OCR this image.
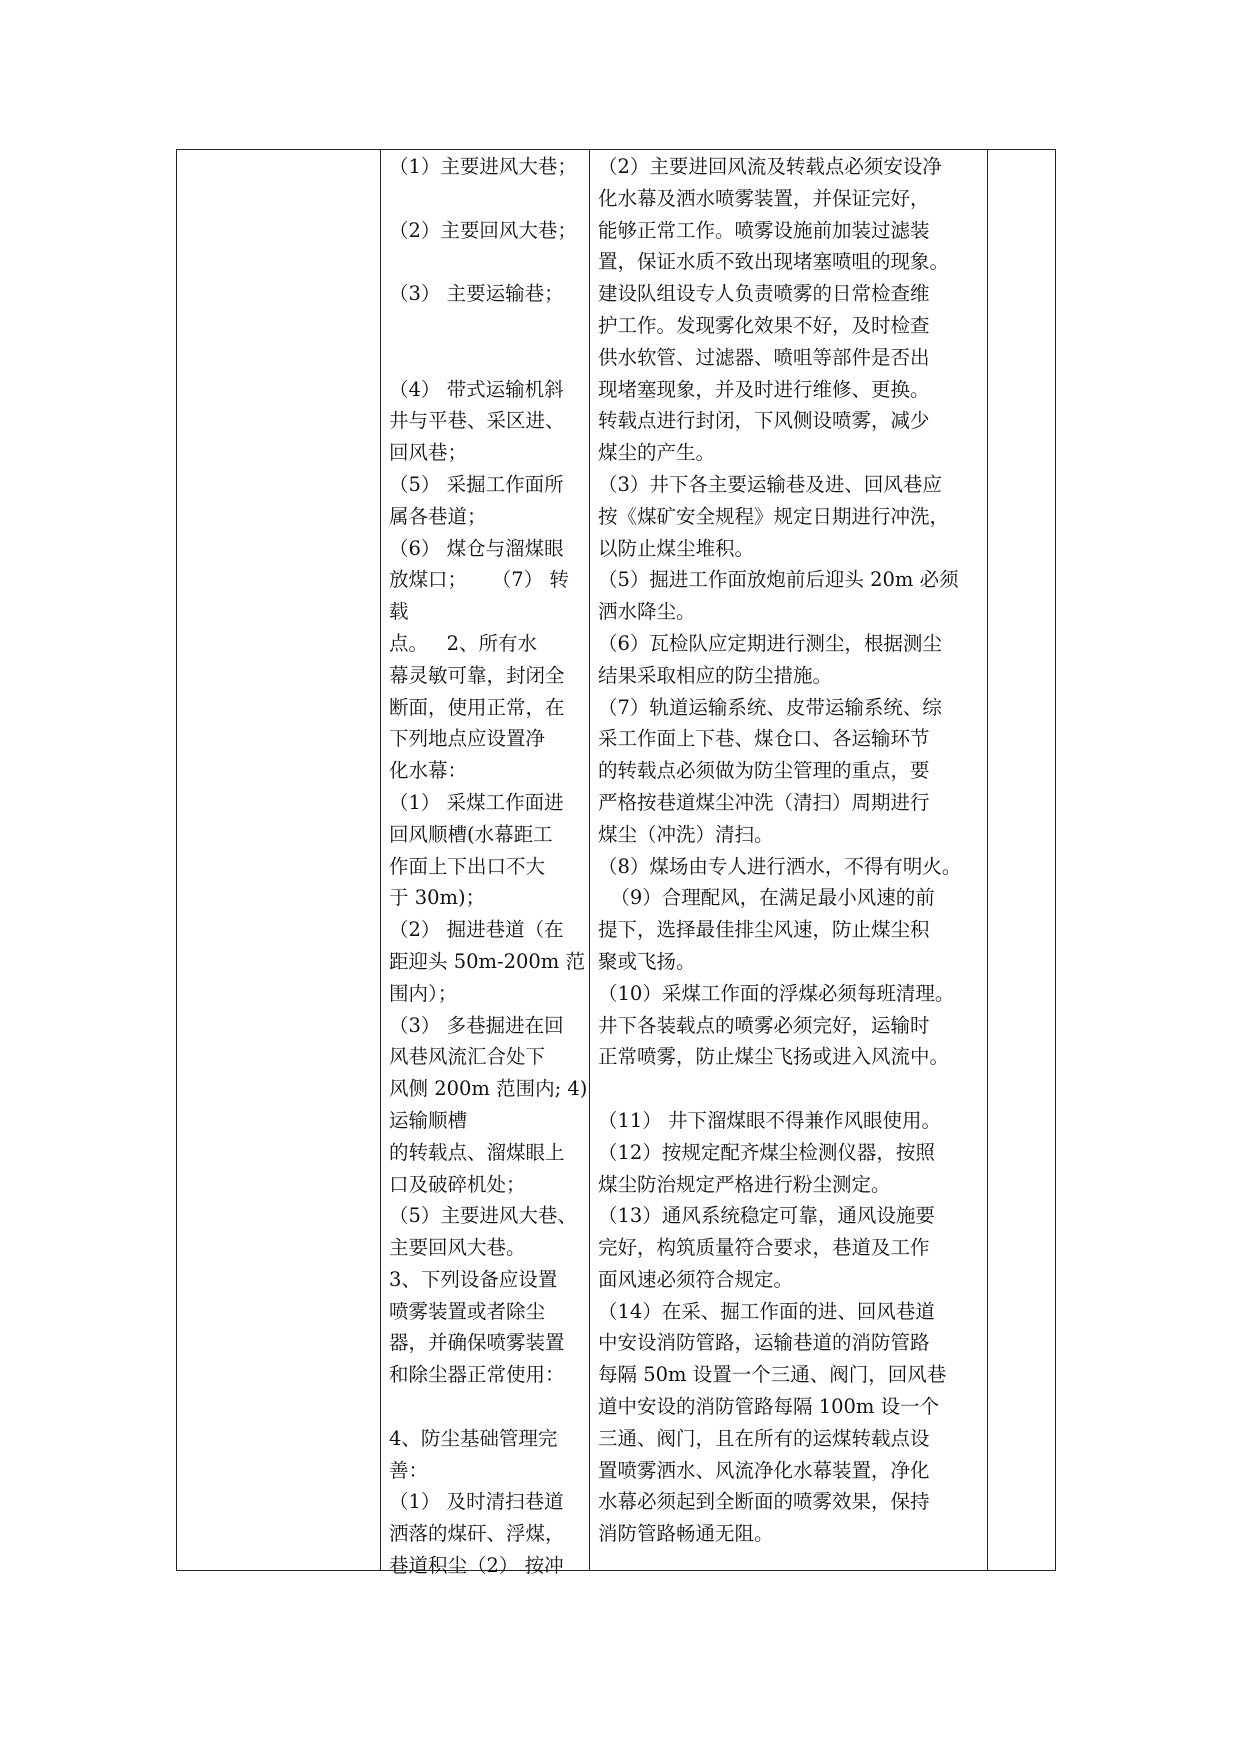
（1）主要进风大巷；
（2）主要回风大巷；
（3） 主要运输巷；
（4） 带式运输机斜
井与平巷、采区进、
回风巷；
（5） 采掘工作面所
属各巷道；
（6） 煤仓与溜煤眼
放煤口；    （7） 转
载
点。   2、所有水
幕灵敏可靠，封闭全
断面，使用正常，在
下列地点应设置净
化水幕：
（1） 采煤工作面进
回风顺槽(水幕距工
作面上下出口不大
于 30m)；
（2） 掘进巷道（在
距迎头 50m-200m 范
围内）；
（3） 多巷掘进在回
风巷风流汇合处下
风侧 200m 范围内; 4)
运输顺槽
的转载点、溜煤眼上
口及破碎机处；
（5）主要进风大巷、
主要回风大巷。
3、下列设备应设置
喷雾装置或者除尘
器，并确保喷雾装置
和除尘器正常使用：
4、防尘基础管理完
善：
（1） 及时清扫巷道
洒落的煤矸、浮煤，
巷道积尘（2） 按冲
（2）主要进回风流及转载点必须安设净
化水幕及洒水喷雾装置，并保证完好，
能够正常工作。喷雾设施前加装过滤装
置，保证水质不致出现堵塞喷咀的现象。
建设队组设专人负责喷雾的日常检查维
护工作。发现雾化效果不好，及时检查
供水软管、过滤器、喷咀等部件是否出
现堵塞现象，并及时进行维修、更换。
转载点进行封闭，下风侧设喷雾，减少
煤尘的产生。
（3）井下各主要运输巷及进、回风巷应
按《煤矿安全规程》规定日期进行冲洗，
以防止煤尘堆积。
（5）掘进工作面放炮前后迎头 20m 必须
洒水降尘。
（6）瓦检队应定期进行测尘，根据测尘
结果采取相应的防尘措施。
（7）轨道运输系统、皮带运输系统、综
采工作面上下巷、煤仓口、各运输环节
的转载点必须做为防尘管理的重点，要
严格按巷道煤尘冲洗（清扫）周期进行
煤尘（冲洗）清扫。
（8）煤场由专人进行洒水，不得有明火。
（9）合理配风，在满足最小风速的前
提下，选择最佳排尘风速，防止煤尘积
聚或飞扬。
（10）采煤工作面的浮煤必须每班清理。
井下各装载点的喷雾必须完好，运输时
正常喷雾，防止煤尘飞扬或进入风流中。
（11） 井下溜煤眼不得兼作风眼使用。
（12）按规定配齐煤尘检测仪器，按照
煤尘防治规定严格进行粉尘测定。
（13）通风系统稳定可靠，通风设施要
完好，构筑质量符合要求，巷道及工作
面风速必须符合规定。
（14）在采、掘工作面的进、回风巷道
中安设消防管路，运输巷道的消防管路
每隔 50m 设置一个三通、阀门，回风巷
道中安设的消防管路每隔 100m 设一个
三通、阀门，且在所有的运煤转载点设
置喷雾洒水、风流净化水幕装置，净化
水幕必须起到全断面的喷雾效果，保持
消防管路畅通无阻。
